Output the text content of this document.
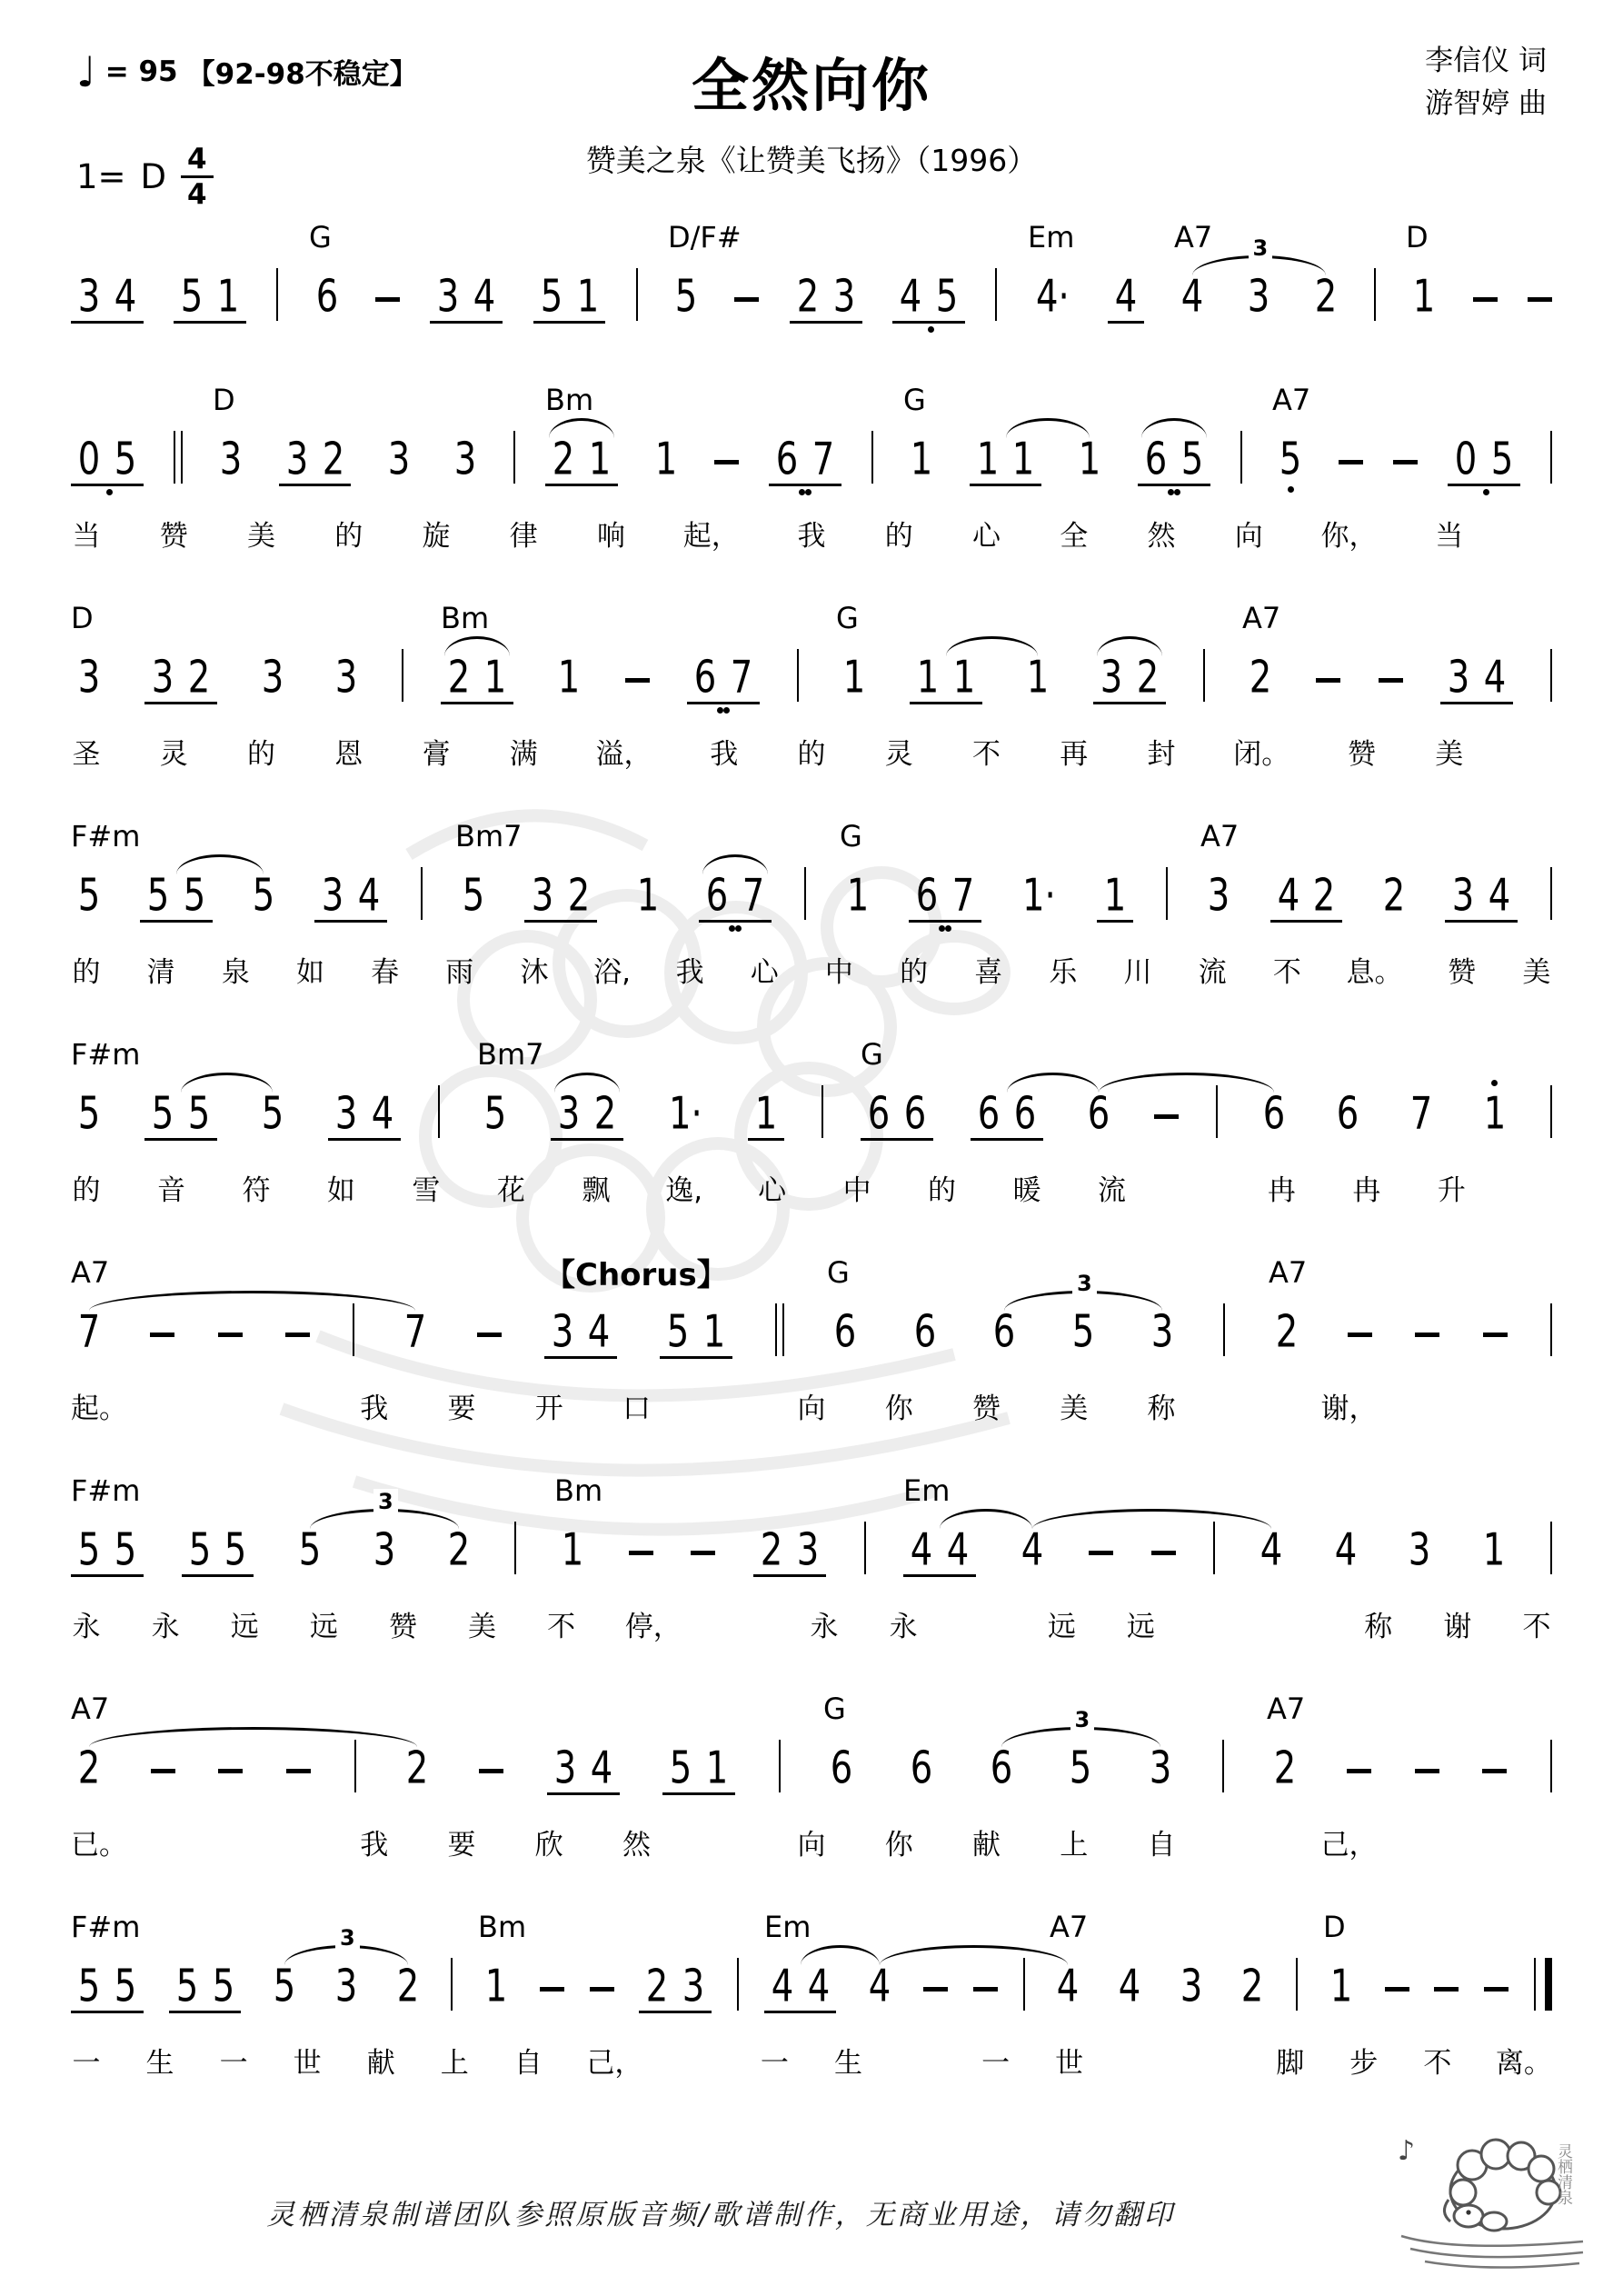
♩ = 95 【92-98不稳定】	全然向你
赞美之泉《让赞美飞扬》（1996）
李信仪 词
游智婷 曲
1= D $\frac{4}{4}$
G	D/F#	Em	A7	D
3 4 5 1 6 3 4 5 1 5 2 3 4 5 4· 4 4 3 2 1
3
D	Bm	G	A7
0 5 3 3 2 3 3 2 1 1 6 7 1 1 1 1 6 5 5	0 5
当 赞 美 的 旋 律 响 起， 我 的 心 全 然 向 你， 当
D	Bm	G	A7
3 3 2 3 3 2 1 1	6 7 1 1 1 1 3 2 2	3 4
圣 灵 的 恩 膏 满 溢， 我 的 灵 不 再 封 闭。 赞 美
F#m	Bm7	G	A7
5 5 5 5 3 4 5 3 2 1 6 7 1 6 7 1· 1 3 4 2 2 3 4
的 清 泉 如 春 雨 沐 浴, 我 心 中 的 喜 乐 川 流 不 息。 赞 美
F#m	Bm7	G
5 5 5 5 3 4 5 3 2 1· 1 6 6 6 6 6	6 6 7 1
的 音 符 如 雪 花 飘 逸, 心 中 的 暖 流	冉 冉 升
A7	G	A7
【Chorus】
7	7	3 4 5 1	6 6 6 5 3 2
3
起。	我 要 开 口	向 你 赞 美 称	谢，
F#m	Bm	Em
5 5 5 5 5 3 2 1	2 3 4 4 4	4 4 3 1
3
永 永 远 远 赞 美 不 停，	永 永	远 远	称 谢 不
A7	G	A7
2	2	3 4 5 1 6 6 6 5 3 2
3
已。	我 要 欣 然	向 你 献 上 自	己，
F#m	Bm	Em	A7	D
5 5 5 5 5 3 2 1	2 3 4 4 4	4 4 3 2 1
3
一 生 一 世 献 上 自 己，	一 生	一 世	脚 步 不 离。
灵栖清泉制谱团队参照原版音频/歌谱制作，无商业用途，请勿翻印
♪	灵栖清泉
